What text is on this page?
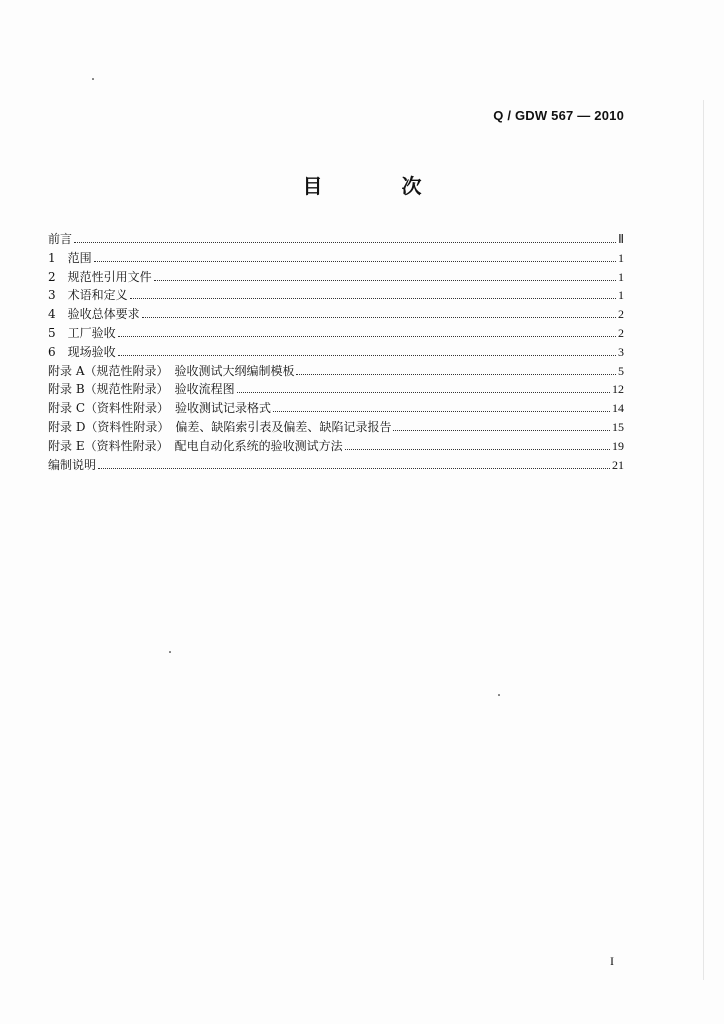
Q / GDW 567 — 2010
目 次
前言	Ⅱ
1　范围	1
2　规范性引用文件	1
3　术语和定义	1
4　验收总体要求	2
5　工厂验收	2
6　现场验收	3
附录 A（规范性附录）　验收测试大纲编制模板	5
附录 B（规范性附录）　验收流程图	12
附录 C（资料性附录）　验收测试记录格式	14
附录 D（资料性附录）　偏差、缺陷索引表及偏差、缺陷记录报告	15
附录 E（资料性附录）　配电自动化系统的验收测试方法	19
编制说明	21
I
